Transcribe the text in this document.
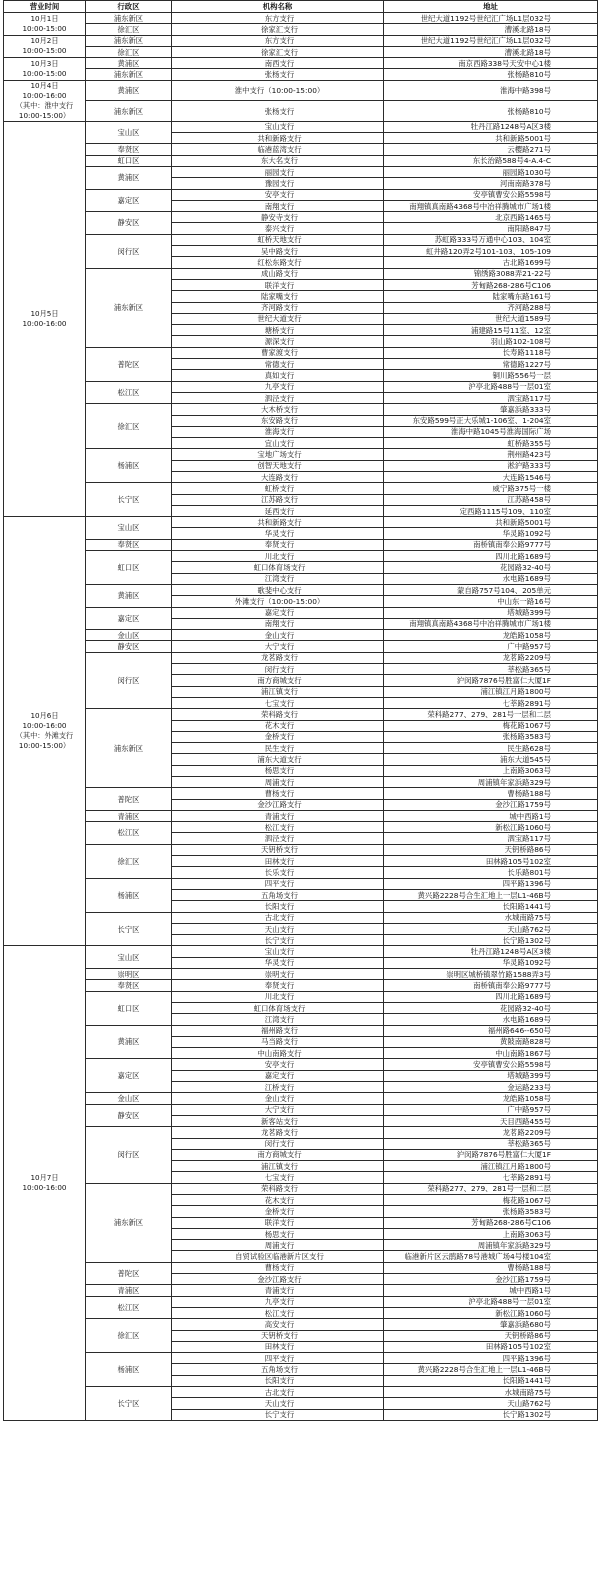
营业时间	行政区	机构名称	地址
10月1日
10:00-15:00	浦东新区	东方支行	世纪大道1192号世纪汇广场L1层032号
	徐汇区	徐家汇支行	漕溪北路18号
10月2日
10:00-15:00	浦东新区	东方支行	世纪大道1192号世纪汇广场L1层032号
	徐汇区	徐家汇支行	漕溪北路18号
10月3日
10:00-15:00	黄浦区	南西支行	南京西路338号天安中心1楼
	浦东新区	张杨支行	张杨路810号
10月4日
10:00-16:00
（其中：淮中支行
10:00-15:00）	黄浦区	淮中支行（10:00-15:00）	淮海中路398号
	浦东新区	张杨支行	张杨路810号
10月5日
10:00-16:00	宝山区	宝山支行	牡丹江路1248号A区3楼
		共和新路支行	共和新路5001号
	奉贤区	临港蓝湾支行	云樱路271号
	虹口区	东大名支行	东长治路588号4-A.4-C
	黄浦区	丽园支行	丽园路1030号
		豫园支行	河南南路378号
	嘉定区	安亭支行	安亭镇曹安公路5598号
		南翔支行	南翔镇真南路4368号中冶祥腾城市广场1楼
	静安区	静安寺支行	北京西路1465号
		泰兴支行	南阳路847号
	闵行区	虹桥天地支行	苏虹路333号万通中心103、104室
		吴中路支行	虹井路120弄2号101-103、105-109
		红松东路支行	古北路1699号
	浦东新区	成山路支行	锦绣路3088弄21-22号
		联洋支行	芳甸路268-286号C106
		陆家嘴支行	陆家嘴东路161号
		齐河路支行	齐河路288号
		世纪大道支行	世纪大道1589号
		塘桥支行	浦建路15号11室、12室
		源深支行	羽山路102-108号
	普陀区	曹家渡支行	长寿路1118号
		常德支行	常德路1227号
		真如支行	铜川路556号一层
	松江区	九亭支行	沪亭北路488号一层01室
		泗泾支行	泗宝路117号
	徐汇区	大木桥支行	肇嘉浜路333号
		东安路支行	东安路599号正大乐城1-106室、1-204室
		淮海支行	淮海中路1045号淮海国际广场
		宜山支行	虹桥路355号
	杨浦区	宝地广场支行	荆州路423号
		创智天地支行	淞沪路333号
		大连路支行	大连路1546号
	长宁区	虹桥支行	威宁路375号一楼
		江苏路支行	江苏路458号
		延西支行	定西路1115号109、110室
10月6日
10:00-16:00
（其中：外滩支行
10:00-15:00）	宝山区	共和新路支行	共和新路5001号
		华灵支行	华灵路1092号
	奉贤区	奉贤支行	南桥镇南奉公路9777号
	虹口区	川北支行	四川北路1689号
		虹口体育场支行	花园路32-40号
		江湾支行	水电路1689号
	黄浦区	歌斐中心支行	蒙自路757号104、205单元
		外滩支行（10:00-15:00）	中山东一路16号
	嘉定区	嘉定支行	塔城路399号
		南翔支行	南翔镇真南路4368号中冶祥腾城市广场1楼
	金山区	金山支行	龙皓路1058号
	静安区	大宁支行	广中路957号
	闵行区	龙茗路支行	龙茗路2209号
		闵行支行	莘松路365号
		南方商城支行	沪闵路7876号胜富仁大厦1F
		浦江镇支行	浦江镇江月路1800号
		七宝支行	七莘路2891号
	浦东新区	荣科路支行	荣科路277、279、281号一层和二层
		花木支行	梅花路1067号
		金桥支行	张杨路3583号
		民生支行	民生路628号
		浦东大道支行	浦东大道545号
		杨思支行	上南路3063号
		周浦支行	周浦镇年家浜路329号
	普陀区	曹杨支行	曹杨路188号
		金沙江路支行	金沙江路1759号
	青浦区	青浦支行	城中西路1号
	松江区	松江支行	新松江路1060号
		泗泾支行	泗宝路117号
	徐汇区	天钥桥支行	天钥桥路86号
		田林支行	田林路105号102室
		长乐支行	长乐路801号
	杨浦区	四平支行	四平路1396号
		五角场支行	黄兴路2228号合生汇地上一层L1-46B号
		长阳支行	长阳路1441号
	长宁区	古北支行	水城南路75号
		天山支行	天山路762号
		长宁支行	长宁路1302号
10月7日
10:00-16:00	宝山区	宝山支行	牡丹江路1248号A区3楼
		华灵支行	华灵路1092号
	崇明区	崇明支行	崇明区城桥镇翠竹路1588弄3号
	奉贤区	奉贤支行	南桥镇南奉公路9777号
	虹口区	川北支行	四川北路1689号
		虹口体育场支行	花园路32-40号
		江湾支行	水电路1689号
	黄浦区	福州路支行	福州路646--650号
		马当路支行	黄陂南路828号
		中山南路支行	中山南路1867号
	嘉定区	安亭支行	安亭镇曹安公路5598号
		嘉定支行	塔城路399号
		江桥支行	金运路233号
	金山区	金山支行	龙皓路1058号
	静安区	大宁支行	广中路957号
		新客站支行	天目西路455号
	闵行区	龙茗路支行	龙茗路2209号
		闵行支行	莘松路365号
		南方商城支行	沪闵路7876号胜富仁大厦1F
		浦江镇支行	浦江镇江月路1800号
		七宝支行	七莘路2891号
	浦东新区	荣科路支行	荣科路277、279、281号一层和二层
		花木支行	梅花路1067号
		金桥支行	张杨路3583号
		联洋支行	芳甸路268-286号C106
		杨思支行	上南路3063号
		周浦支行	周浦镇年家浜路329号
		自贸试验区临港新片区支行	临港新片区云鹃路78号港城广场4号楼104室
	普陀区	曹杨支行	曹杨路188号
		金沙江路支行	金沙江路1759号
	青浦区	青浦支行	城中西路1号
	松江区	九亭支行	沪亭北路488号一层01室
		松江支行	新松江路1060号
	徐汇区	高安支行	肇嘉浜路680号
		天钥桥支行	天钥桥路86号
		田林支行	田林路105号102室
	杨浦区	四平支行	四平路1396号
		五角场支行	黄兴路2228号合生汇地上一层L1-46B号
		长阳支行	长阳路1441号
	长宁区	古北支行	水城南路75号
		天山支行	天山路762号
		长宁支行	长宁路1302号
